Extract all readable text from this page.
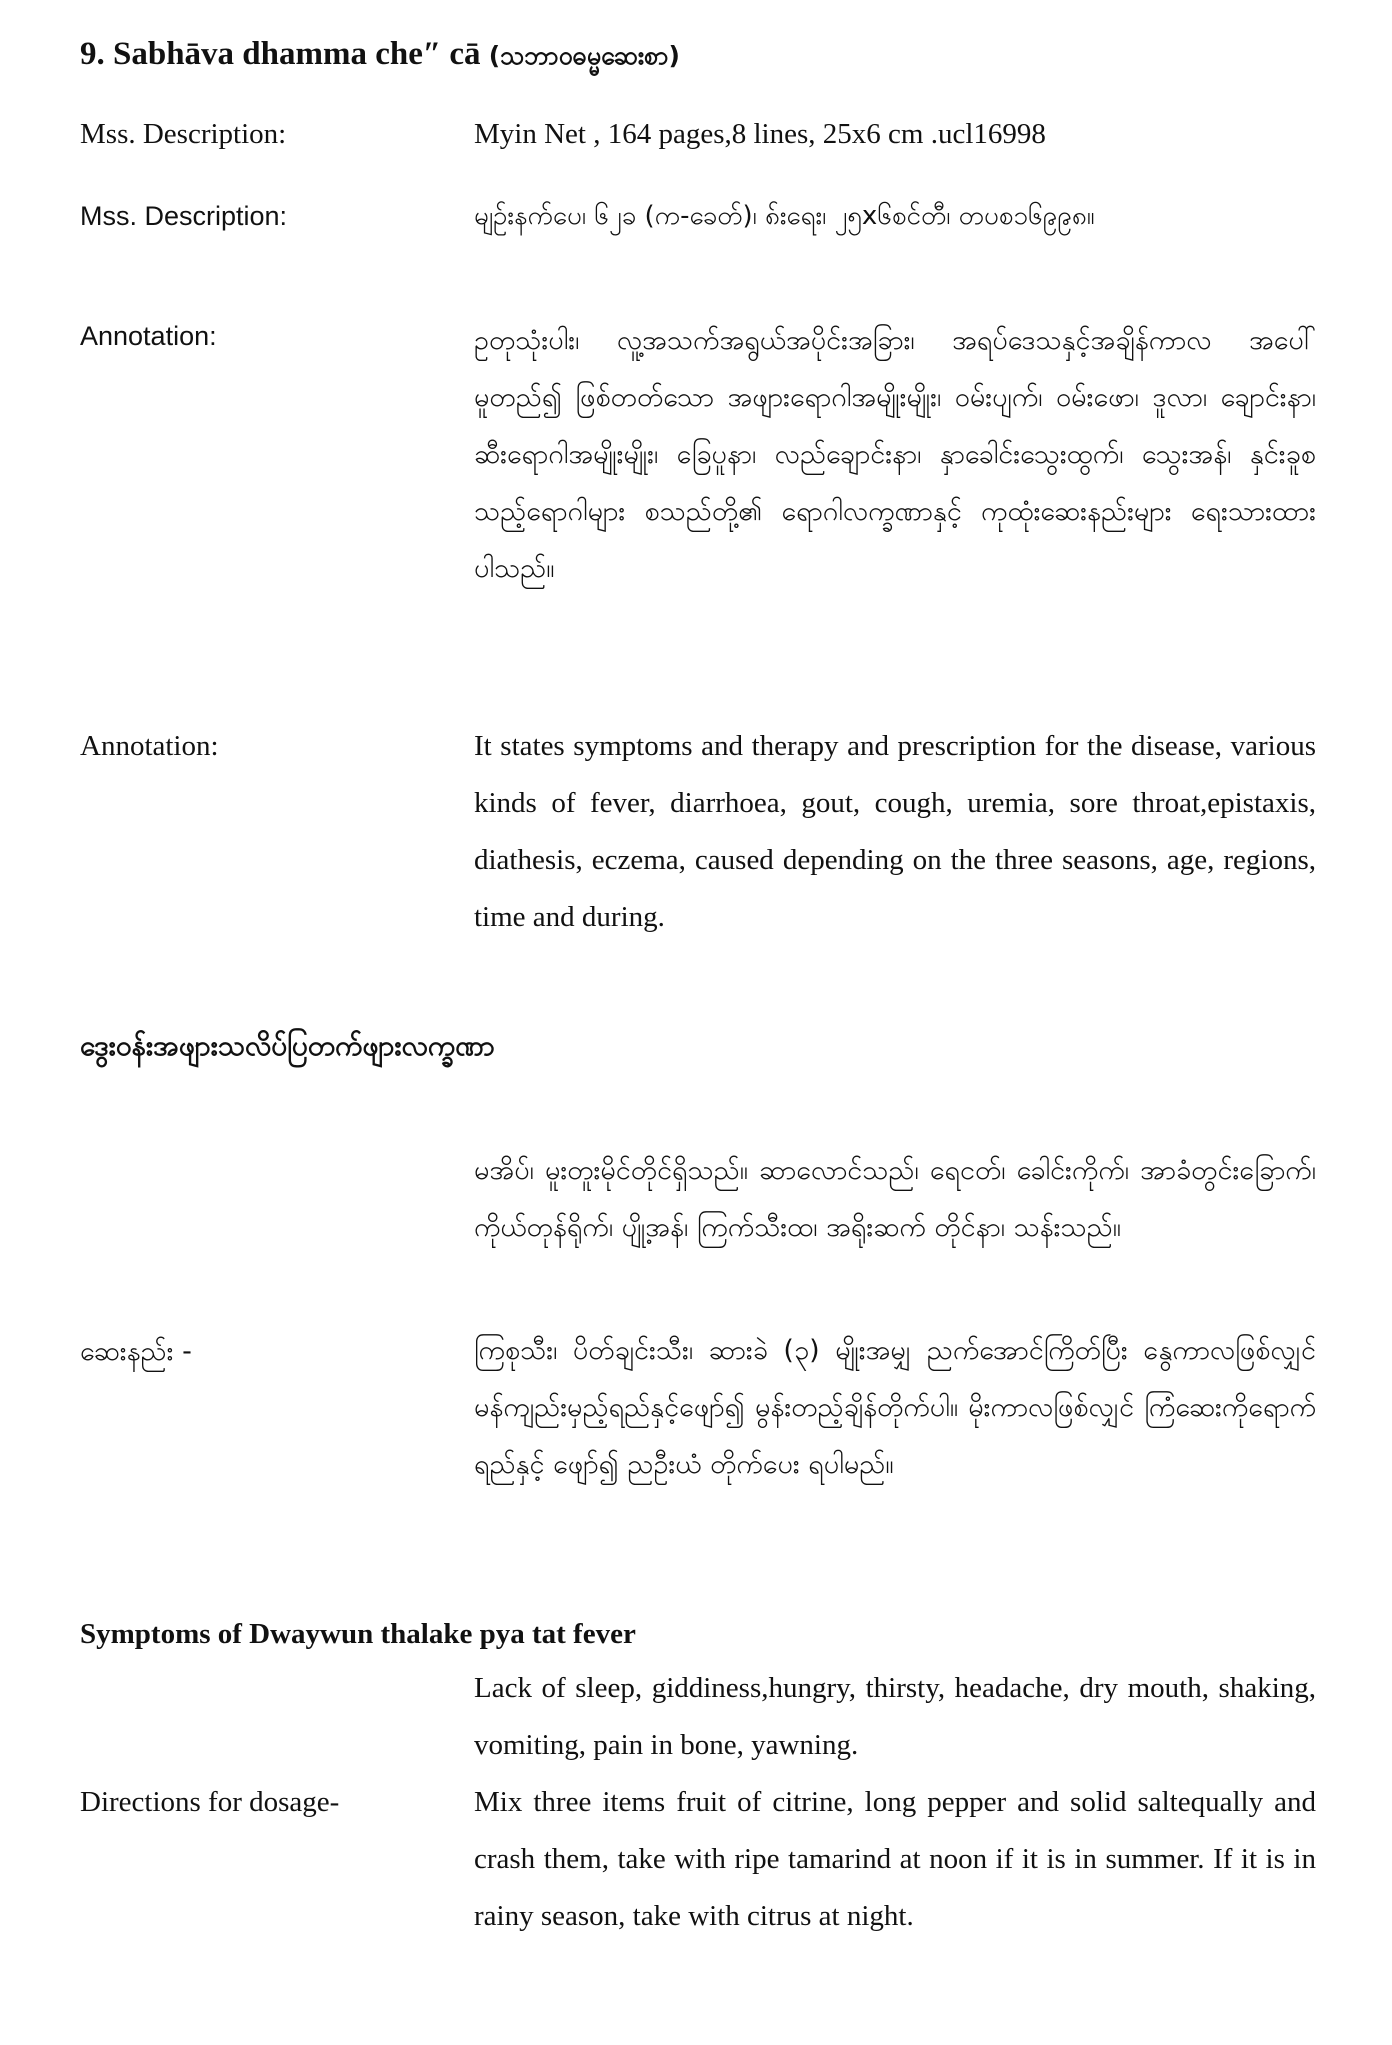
9. Sabhāva dhamma che″ cā (သဘာဝဓမ္မဆေးစာ)
Mss. Description:	Myin Net , 164 pages,8 lines, 25x6 cm .ucl16998
Mss. Description:	မျဉ်းနက်ပေ၊ ၆၂ခ (က-ခေတ်)၊ ၈်းရေး၊ ၂၅x၆စင်တီ၊ တပစ၁၆၉၉၈။
Annotation:	ဥတုသုံးပါး၊ လူ့အသက်အရွယ်အပိုင်းအခြား၊ အရပ်ဒေသနှင့်အချိန်ကာလ အပေါ်မူတည်၍ ဖြစ်တတ်သော အဖျားရောဂါအမျိုးမျိုး၊ ဝမ်းပျက်၊ ဝမ်းဖော၊ ဒူလာ၊ ချောင်းနာ၊ ဆီးရောဂါအမျိုးမျိုး၊ ခြေပူနာ၊ လည်ချောင်းနာ၊ နှာခေါင်းသွေးထွက်၊ သွေးအန်၊ နှင်းခူစသည့်ရောဂါများ စသည်တို့၏ ရောဂါလက္ခဏာနှင့် ကုထုံးဆေးနည်းများ ရေးသားထား ပါသည်။
Annotation:	It states symptoms and therapy and prescription for the disease, various kinds of fever, diarrhoea, gout, cough, uremia, sore throat,epistaxis, diathesis, eczema, caused depending on the three seasons, age, regions, time and during.
ဒွေးဝန်းအဖျားသလိပ်ပြတက်ဖျားလက္ခဏာ
မအိပ်၊ မူးတူးမိုင်တိုင်ရှိသည်။ ဆာလောင်သည်၊ ရေငတ်၊ ခေါင်းကိုက်၊ အာခံတွင်းခြောက်၊ ကိုယ်တုန်ရိုက်၊ ပျို့အန်၊ ကြက်သီးထ၊ အရိုးဆက် တိုင်နာ၊ သန်းသည်။
ဆေးနည်း -	ကြစုသီး၊ ပိတ်ချင်းသီး၊ ဆားခဲ (၃) မျိုးအမျှ ညက်အောင်ကြိတ်ပြီး နွေကာလဖြစ်လျှင် မန်ကျည်းမှည့်ရည်နှင့်ဖျော်၍ မွန်းတည့်ချိန်တိုက်ပါ။ မိုးကာလဖြစ်လျှင် ကြံဆေးကိုရောက်ရည်နှင့် ဖျော်၍ ညဦးယံ တိုက်ပေး ရပါမည်။
Symptoms of Dwaywun thalake pya tat fever
Lack of sleep, giddiness,hungry, thirsty, headache, dry mouth, shaking, vomiting, pain in bone, yawning.
Directions for dosage-	Mix three items fruit of citrine, long pepper and solid saltequally and crash them, take with ripe tamarind at noon if it is in summer. If it is in rainy season, take with citrus at night.
